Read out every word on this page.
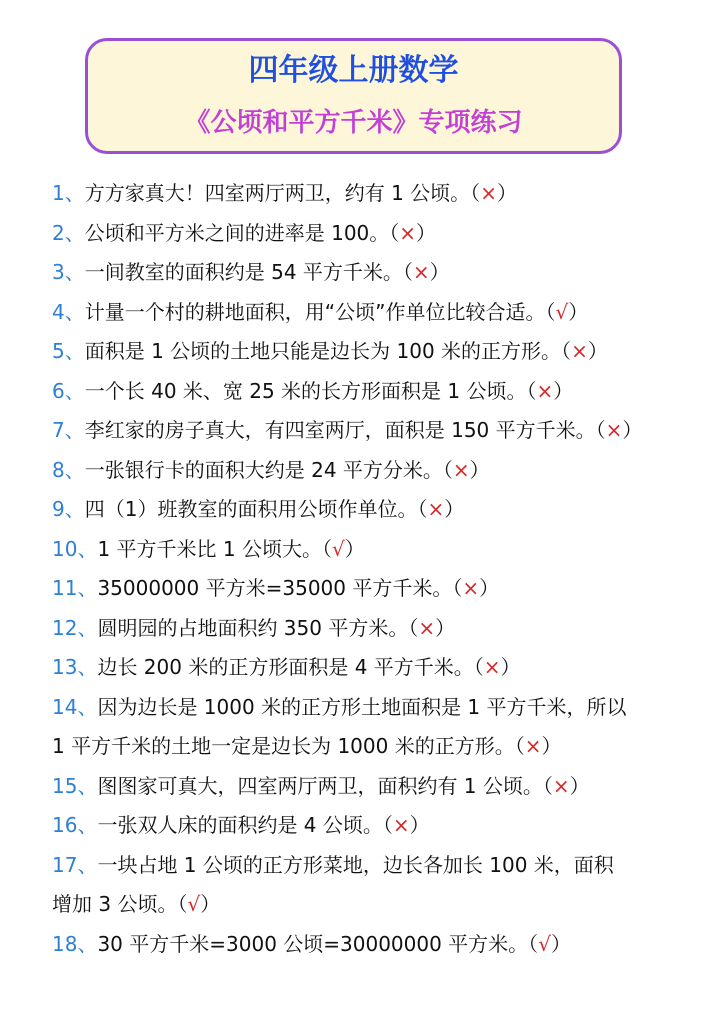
四年级上册数学
《公顷和平方千米》专项练习
1、方方家真大！四室两厅两卫，约有 1 公顷。（×）
2、公顷和平方米之间的进率是 100。（×）
3、一间教室的面积约是 54 平方千米。（×）
4、计量一个村的耕地面积，用“公顷”作单位比较合适。（√）
5、面积是 1 公顷的土地只能是边长为 100 米的正方形。（×）
6、一个长 40 米、宽 25 米的长方形面积是 1 公顷。（×）
7、李红家的房子真大，有四室两厅，面积是 150 平方千米。（×）
8、一张银行卡的面积大约是 24 平方分米。（×）
9、四（1）班教室的面积用公顷作单位。（×）
10、1 平方千米比 1 公顷大。（√）
11、35000000 平方米=35000 平方千米。（×）
12、圆明园的占地面积约 350 平方米。（×）
13、边长 200 米的正方形面积是 4 平方千米。（×）
14、因为边长是 1000 米的正方形土地面积是 1 平方千米，所以
1 平方千米的土地一定是边长为 1000 米的正方形。（×）
15、图图家可真大，四室两厅两卫，面积约有 1 公顷。（×）
16、一张双人床的面积约是 4 公顷。（×）
17、一块占地 1 公顷的正方形菜地，边长各加长 100 米，面积
增加 3 公顷。（√）
18、30 平方千米=3000 公顷=30000000 平方米。（√）
